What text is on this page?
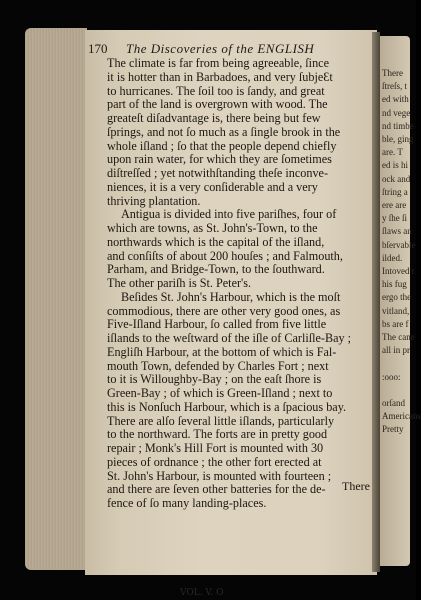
There
ſtreſs, t
ed with
nd vege
nd timbe
ble, ging
are. T
ed is hi
ock and
ſtring a
ere are
y ſhe ſi
ſlaws an
bſervable
ilded.
Intoved t
his fug
ergo the
vitland,
bs are f
The cane
all in pr
:ooo:
orſand
Americans
Pretty
170 The Discoveries of the ENGLISH
The climate is far from being agreeable, ſince
it is hotter than in Barbadoes, and very ſubjeƐt
to hurricanes. The ſoil too is ſandy, and great
part of the land is overgrown with wood. The
greateſt diſadvantage is, there being but few
ſprings, and not ſo much as a ſingle brook in the
whole iſland ; ſo that the people depend chiefly
upon rain water, for which they are ſometimes
diſtreſſed ; yet notwithſtanding theſe inconve-
niences, it is a very conſiderable and a very
thriving plantation.
Antigua is divided into five pariſhes, four of
which are towns, as St. John's-Town, to the
northwards which is the capital of the iſland,
and conſiſts of about 200 houſes ; and Falmouth,
Parham, and Bridge-Town, to the ſouthward.
The other pariſh is St. Peter's.
Beſides St. John's Harbour, which is the moſt
commodious, there are other very good ones, as
Five-Iſland Harbour, ſo called from five little
iſlands to the weſtward of the iſle of Carliſle-Bay ;
Engliſh Harbour, at the bottom of which is Fal-
mouth Town, defended by Charles Fort ; next
to it is Willoughby-Bay ; on the eaſt ſhore is
Green-Bay ; of which is Green-Iſland ; next to
this is Nonſuch Harbour, which is a ſpacious bay.
There are alſo ſeveral little iſlands, particularly
to the northward. The forts are in pretty good
repair ; Monk's Hill Fort is mounted with 30
pieces of ordnance ; the other fort erected at
St. John's Harbour, is mounted with fourteen ;
and there are ſeven other batteries for the de-
fence of ſo many landing-places.
There
VOL. V. O
